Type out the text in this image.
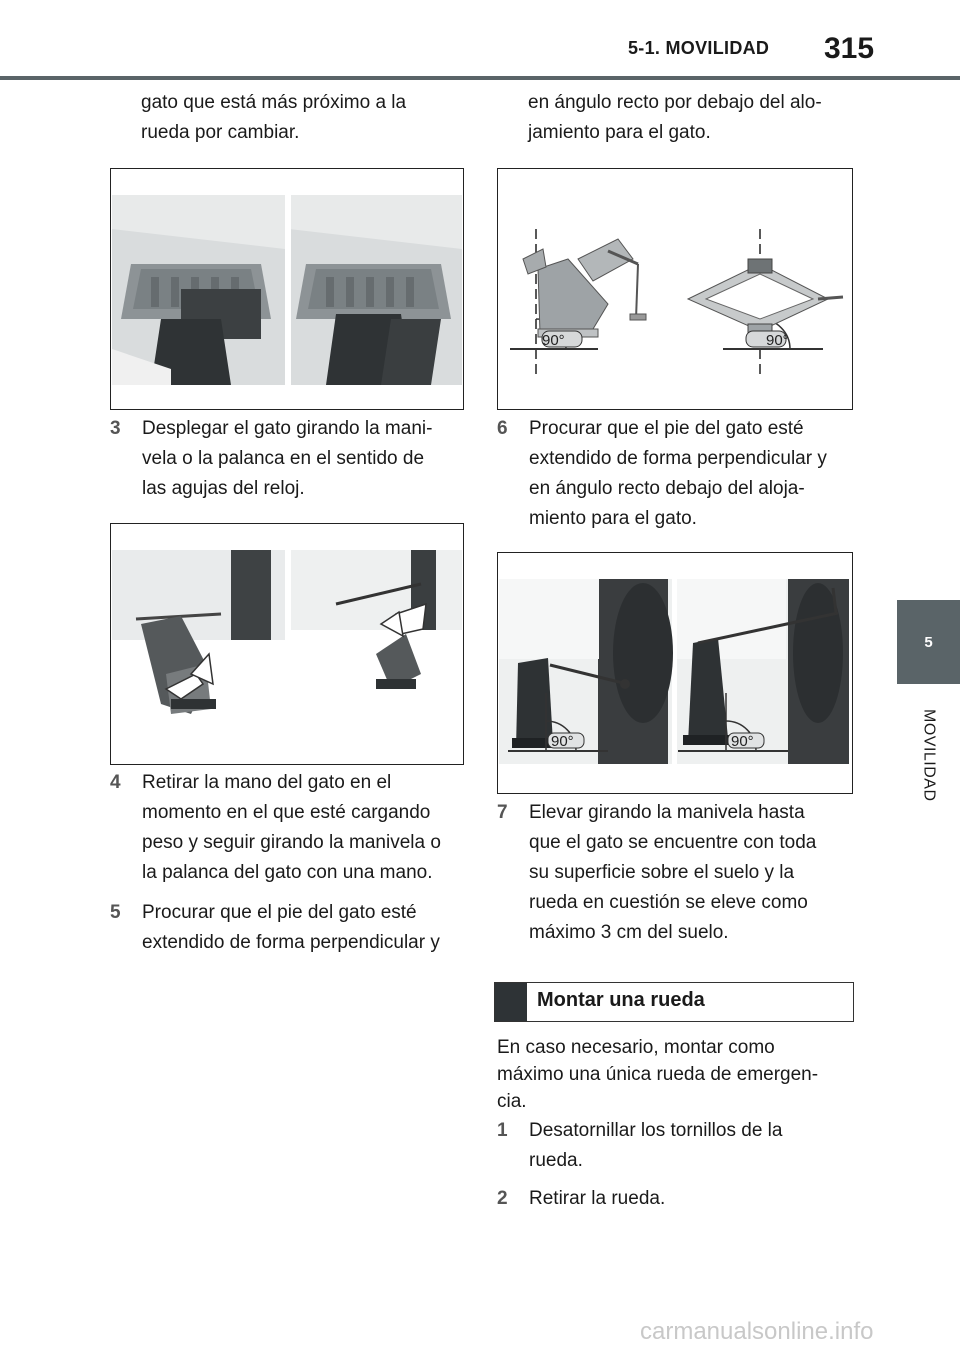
5-1. MOVILIDAD 315
5
MOVILIDAD
gato que está más próximo a la
rueda por cambiar.
3 Desplegar el gato girando la mani-
vela o la palanca en el sentido de
las agujas del reloj.
4 Retirar la mano del gato en el
momento en el que esté cargando
peso y seguir girando la manivela o
la palanca del gato con una mano.
5 Procurar que el pie del gato esté
extendido de forma perpendicular y
en ángulo recto por debajo del alo-
jamiento para el gato.
90°	90°
6 Procurar que el pie del gato esté
extendido de forma perpendicular y
en ángulo recto debajo del aloja-
miento para el gato.
90°	90°
7 Elevar girando la manivela hasta
que el gato se encuentre con toda
su superficie sobre el suelo y la
rueda en cuestión se eleve como
máximo 3 cm del suelo.
Montar una rueda
En caso necesario, montar como
máximo una única rueda de emergen-
cia.
1 Desatornillar los tornillos de la
rueda.
2 Retirar la rueda.
carmanualsonline.info
